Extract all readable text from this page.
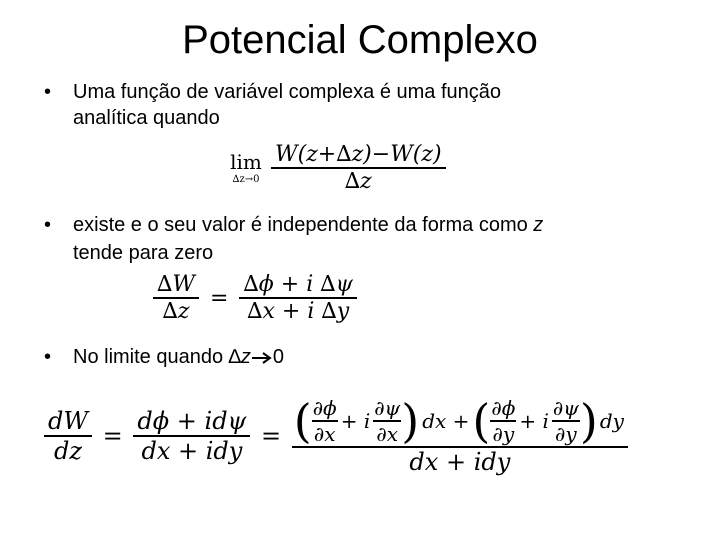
Potencial Complexo
• Uma função de variável complexa é uma função
analítica quando
lim
∆z→0
$\frac{W(z+\Delta z)-W(z)}{\Delta z}$
• existe e o seu valor é independente da forma como z
tende para zero
$\frac{\Delta W}{\Delta z} = \frac{\Delta\phi + i \Delta\psi}{\Delta x + i \Delta y}$
• No limite quando ∆z 0
$\frac{dW}{dz} = \frac{\text{dϕ + idψ}}{\text{dx + idy}} = \frac{( \frac{\partial\phi}{\partial x} + i \frac{\partial\psi}{\partial x} ) dx +( \frac{\partial\phi}{\partial y} + i \frac{\partial\psi}{\partial y} ) dy}{\text{dx + idy}}$
